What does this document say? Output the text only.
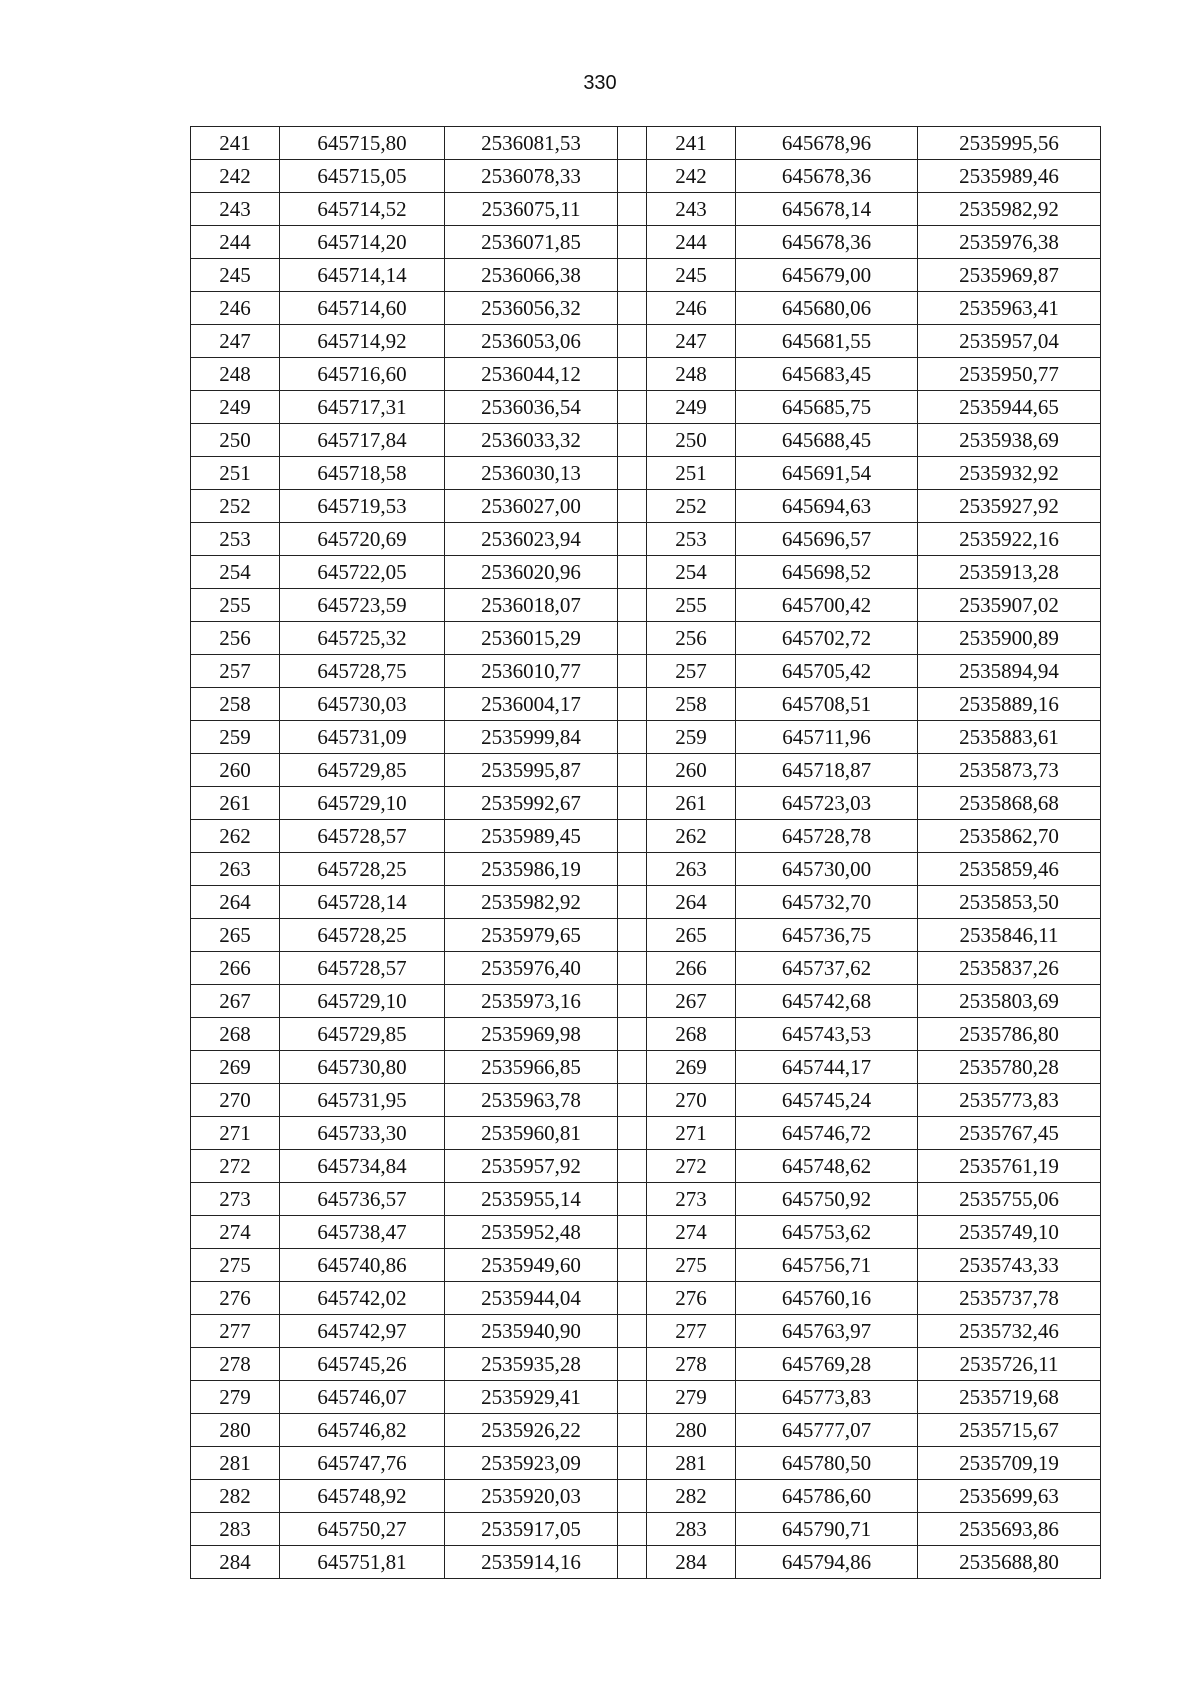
330
241	645715,80	2536081,53		241	645678,96	2535995,56
242	645715,05	2536078,33		242	645678,36	2535989,46
243	645714,52	2536075,11		243	645678,14	2535982,92
244	645714,20	2536071,85		244	645678,36	2535976,38
245	645714,14	2536066,38		245	645679,00	2535969,87
246	645714,60	2536056,32		246	645680,06	2535963,41
247	645714,92	2536053,06		247	645681,55	2535957,04
248	645716,60	2536044,12		248	645683,45	2535950,77
249	645717,31	2536036,54		249	645685,75	2535944,65
250	645717,84	2536033,32		250	645688,45	2535938,69
251	645718,58	2536030,13		251	645691,54	2535932,92
252	645719,53	2536027,00		252	645694,63	2535927,92
253	645720,69	2536023,94		253	645696,57	2535922,16
254	645722,05	2536020,96		254	645698,52	2535913,28
255	645723,59	2536018,07		255	645700,42	2535907,02
256	645725,32	2536015,29		256	645702,72	2535900,89
257	645728,75	2536010,77		257	645705,42	2535894,94
258	645730,03	2536004,17		258	645708,51	2535889,16
259	645731,09	2535999,84		259	645711,96	2535883,61
260	645729,85	2535995,87		260	645718,87	2535873,73
261	645729,10	2535992,67		261	645723,03	2535868,68
262	645728,57	2535989,45		262	645728,78	2535862,70
263	645728,25	2535986,19		263	645730,00	2535859,46
264	645728,14	2535982,92		264	645732,70	2535853,50
265	645728,25	2535979,65		265	645736,75	2535846,11
266	645728,57	2535976,40		266	645737,62	2535837,26
267	645729,10	2535973,16		267	645742,68	2535803,69
268	645729,85	2535969,98		268	645743,53	2535786,80
269	645730,80	2535966,85		269	645744,17	2535780,28
270	645731,95	2535963,78		270	645745,24	2535773,83
271	645733,30	2535960,81		271	645746,72	2535767,45
272	645734,84	2535957,92		272	645748,62	2535761,19
273	645736,57	2535955,14		273	645750,92	2535755,06
274	645738,47	2535952,48		274	645753,62	2535749,10
275	645740,86	2535949,60		275	645756,71	2535743,33
276	645742,02	2535944,04		276	645760,16	2535737,78
277	645742,97	2535940,90		277	645763,97	2535732,46
278	645745,26	2535935,28		278	645769,28	2535726,11
279	645746,07	2535929,41		279	645773,83	2535719,68
280	645746,82	2535926,22		280	645777,07	2535715,67
281	645747,76	2535923,09		281	645780,50	2535709,19
282	645748,92	2535920,03		282	645786,60	2535699,63
283	645750,27	2535917,05		283	645790,71	2535693,86
284	645751,81	2535914,16		284	645794,86	2535688,80
